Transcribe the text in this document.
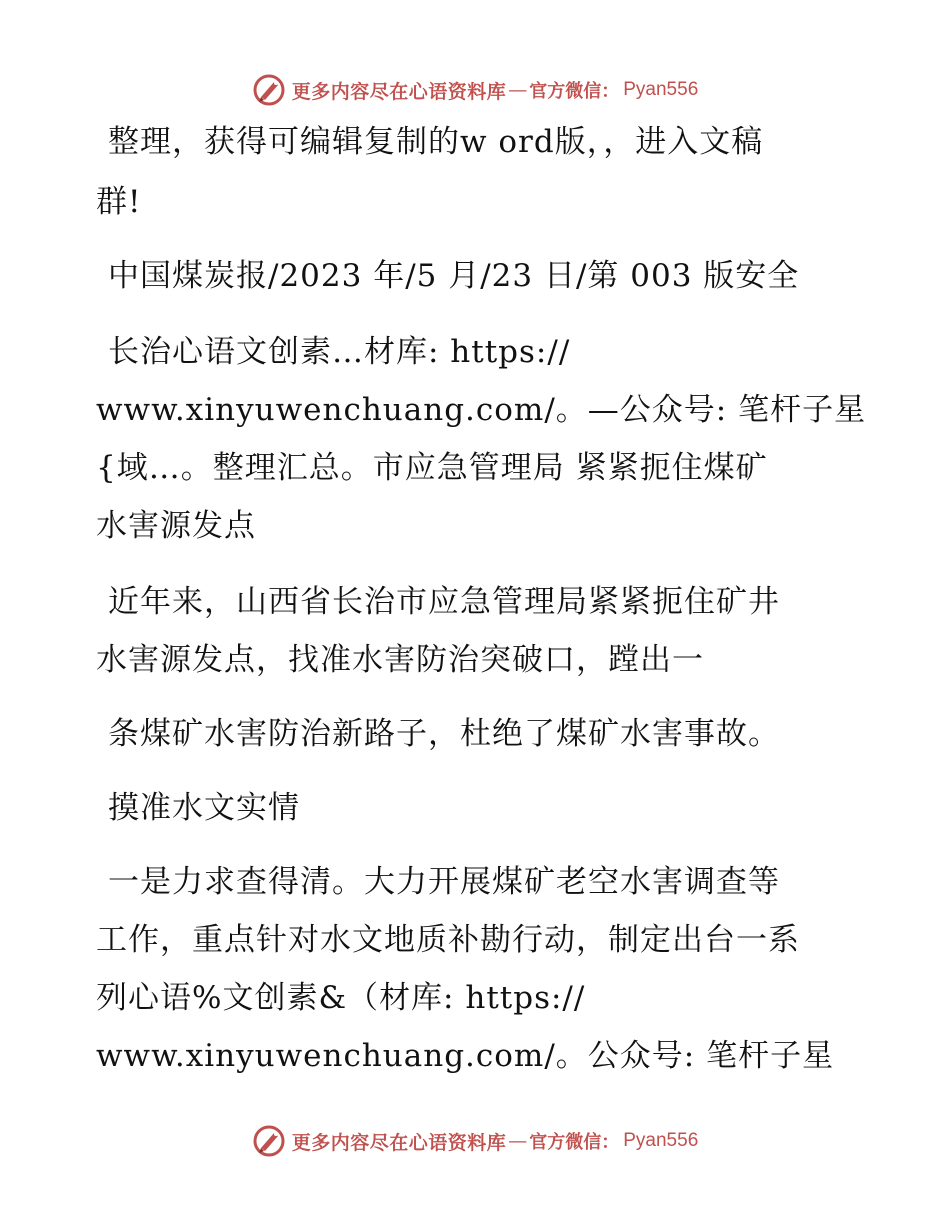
更多内容尽在心语资料库 — 官方微信： Pyan556
整理，获得可编辑复制的w ord版，，进入文稿
群!
中国煤炭报/2023 年/5 月/23 日/第 003 版安全
长治心语文创素…材库: https://
www.xinyuwenchuang.com/。—公众号: 笔杆子星
{域…。整理汇总。市应急管理局 紧紧扼住煤矿
水害源发点
近年来，山西省长治市应急管理局紧紧扼住矿井
水害源发点，找准水害防治突破口，蹚出一
条煤矿水害防治新路子，杜绝了煤矿水害事故。
摸准水文实情
一是力求查得清。大力开展煤矿老空水害调查等
工作，重点针对水文地质补勘行动，制定出台一系
列心语%文创素&（材库: https://
www.xinyuwenchuang.com/。公众号: 笔杆子星
更多内容尽在心语资料库 — 官方微信： Pyan556
